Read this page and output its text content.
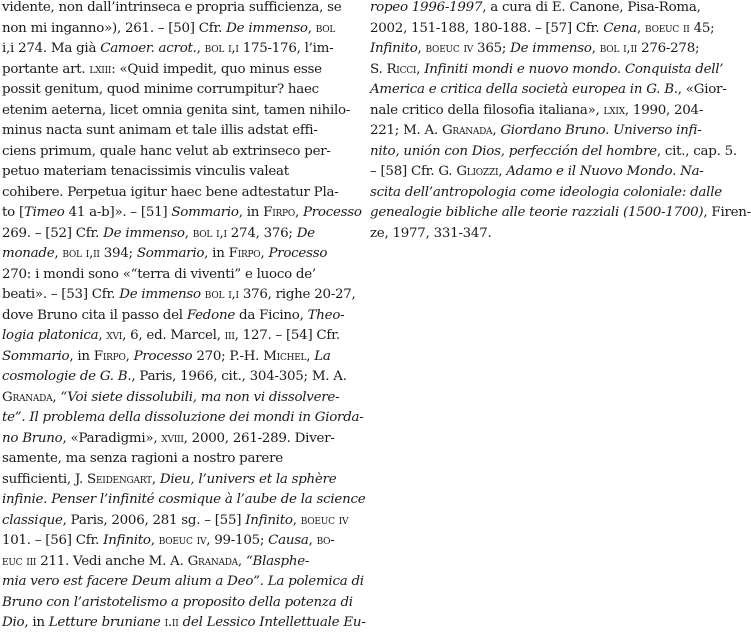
vidente, non dall’intrinseca e propria sufficienza, se
non mi inganno»), 261. – [50] Cfr. De immenso, bol
i,i 274. Ma già Camoer. acrot., bol i,i 175-176, l’im-
portante art. lxiii: «Quid impedit, quo minus esse
possit genitum, quod minime corrumpitur? haec
etenim aeterna, licet omnia genita sint, tamen nihilo-
minus nacta sunt animam et tale illis adstat effi-
ciens primum, quale hanc velut ab extrinseco per-
petuo materiam tenacissimis vinculis valeat
cohibere. Perpetua igitur haec bene adtestatur Pla-
to [Timeo 41 a-b]». – [51] Sommario, in Firpo, Processo
269. – [52] Cfr. De immenso, bol i,i 274, 376; De
monade, bol i,ii 394; Sommario, in Firpo, Processo
270: i mondi sono «“terra di viventi” e luoco de’
beati». – [53] Cfr. De immenso bol i,i 376, righe 20-27,
dove Bruno cita il passo del Fedone da Ficino, Theo-
logia platonica, xvi, 6, ed. Marcel, iii, 127. – [54] Cfr.
Sommario, in Firpo, Processo 270; P.-H. Michel, La
cosmologie de G. B., Paris, 1966, cit., 304-305; M. A.
Granada, “Voi siete dissolubili, ma non vi dissolvere-
te”. Il problema della dissoluzione dei mondi in Giorda-
no Bruno, «Paradigmi», xviii, 2000, 261-289. Diver-
samente, ma senza ragioni a nostro parere
sufficienti, J. Seidengart, Dieu, l’univers et la sphère
infinie. Penser l’infinité cosmique à l’aube de la science
classique, Paris, 2006, 281 sg. – [55] Infinito, boeuc iv
101. – [56] Cfr. Infinito, boeuc iv, 99-105; Causa, bo-
euc iii 211. Vedi anche M. A. Granada, “Blasphe-
mia vero est facere Deum alium a Deo”. La polemica di
Bruno con l’aristotelismo a proposito della potenza di
Dio, in Letture bruniane i.ii del Lessico Intellettuale Eu-
ropeo 1996-1997, a cura di E. Canone, Pisa-Roma,
2002, 151-188, 180-188. – [57] Cfr. Cena, boeuc ii 45;
Infinito, boeuc iv 365; De immenso, bol i,ii 276-278;
S. Ricci, Infiniti mondi e nuovo mondo. Conquista dell’
America e critica della società europea in G. B., «Gior-
nale critico della filosofia italiana», lxix, 1990, 204-
221; M. A. Granada, Giordano Bruno. Universo infi-
nito, unión con Dios, perfección del hombre, cit., cap. 5.
– [58] Cfr. G. Gliozzi, Adamo e il Nuovo Mondo. Na-
scita dell’antropologia come ideologia coloniale: dalle
genealogie bibliche alle teorie razziali (1500-1700), Firen-
ze, 1977, 331-347.
